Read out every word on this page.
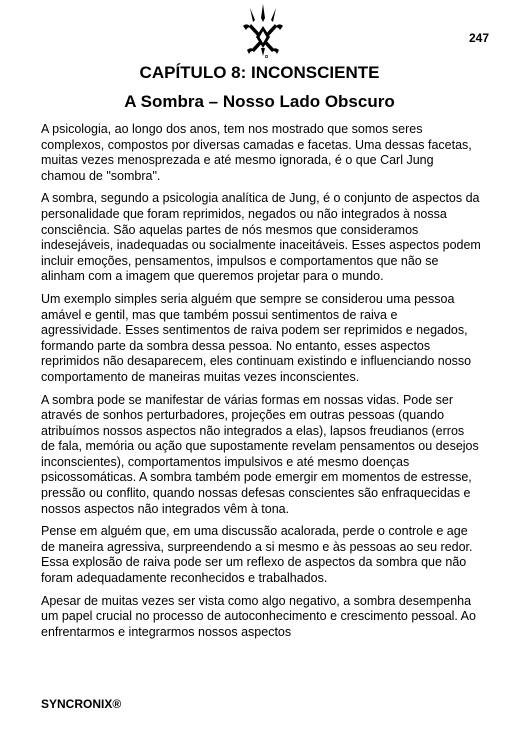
247
CAPÍTULO 8: INCONSCIENTE
A Sombra – Nosso Lado Obscuro

A psicologia, ao longo dos anos, tem nos mostrado que somos seres complexos, compostos por diversas camadas e facetas. Uma dessas facetas, muitas vezes menosprezada e até mesmo ignorada, é o que Carl Jung chamou de "sombra".

A sombra, segundo a psicologia analítica de Jung, é o conjunto de aspectos da personalidade que foram reprimidos, negados ou não integrados à nossa consciência. São aquelas partes de nós mesmos que consideramos indesejáveis, inadequadas ou socialmente inaceitáveis. Esses aspectos podem incluir emoções, pensamentos, impulsos e comportamentos que não se alinham com a imagem que queremos projetar para o mundo.

Um exemplo simples seria alguém que sempre se considerou uma pessoa amável e gentil, mas que também possui sentimentos de raiva e agressividade. Esses sentimentos de raiva podem ser reprimidos e negados, formando parte da sombra dessa pessoa. No entanto, esses aspectos reprimidos não desaparecem, eles continuam existindo e influenciando nosso comportamento de maneiras muitas vezes inconscientes.

A sombra pode se manifestar de várias formas em nossas vidas. Pode ser através de sonhos perturbadores, projeções em outras pessoas (quando atribuímos nossos aspectos não integrados a elas), lapsos freudianos (erros de fala, memória ou ação que supostamente revelam pensamentos ou desejos inconscientes), comportamentos impulsivos e até mesmo doenças psicossomáticas. A sombra também pode emergir em momentos de estresse, pressão ou conflito, quando nossas defesas conscientes são enfraquecidas e nossos aspectos não integrados vêm à tona.

Pense em alguém que, em uma discussão acalorada, perde o controle e age de maneira agressiva, surpreendendo a si mesmo e às pessoas ao seu redor. Essa explosão de raiva pode ser um reflexo de aspectos da sombra que não foram adequadamente reconhecidos e trabalhados.

Apesar de muitas vezes ser vista como algo negativo, a sombra desempenha um papel crucial no processo de autoconhecimento e crescimento pessoal. Ao enfrentarmos e integrarmos nossos aspectos

SYNCRONIX®
